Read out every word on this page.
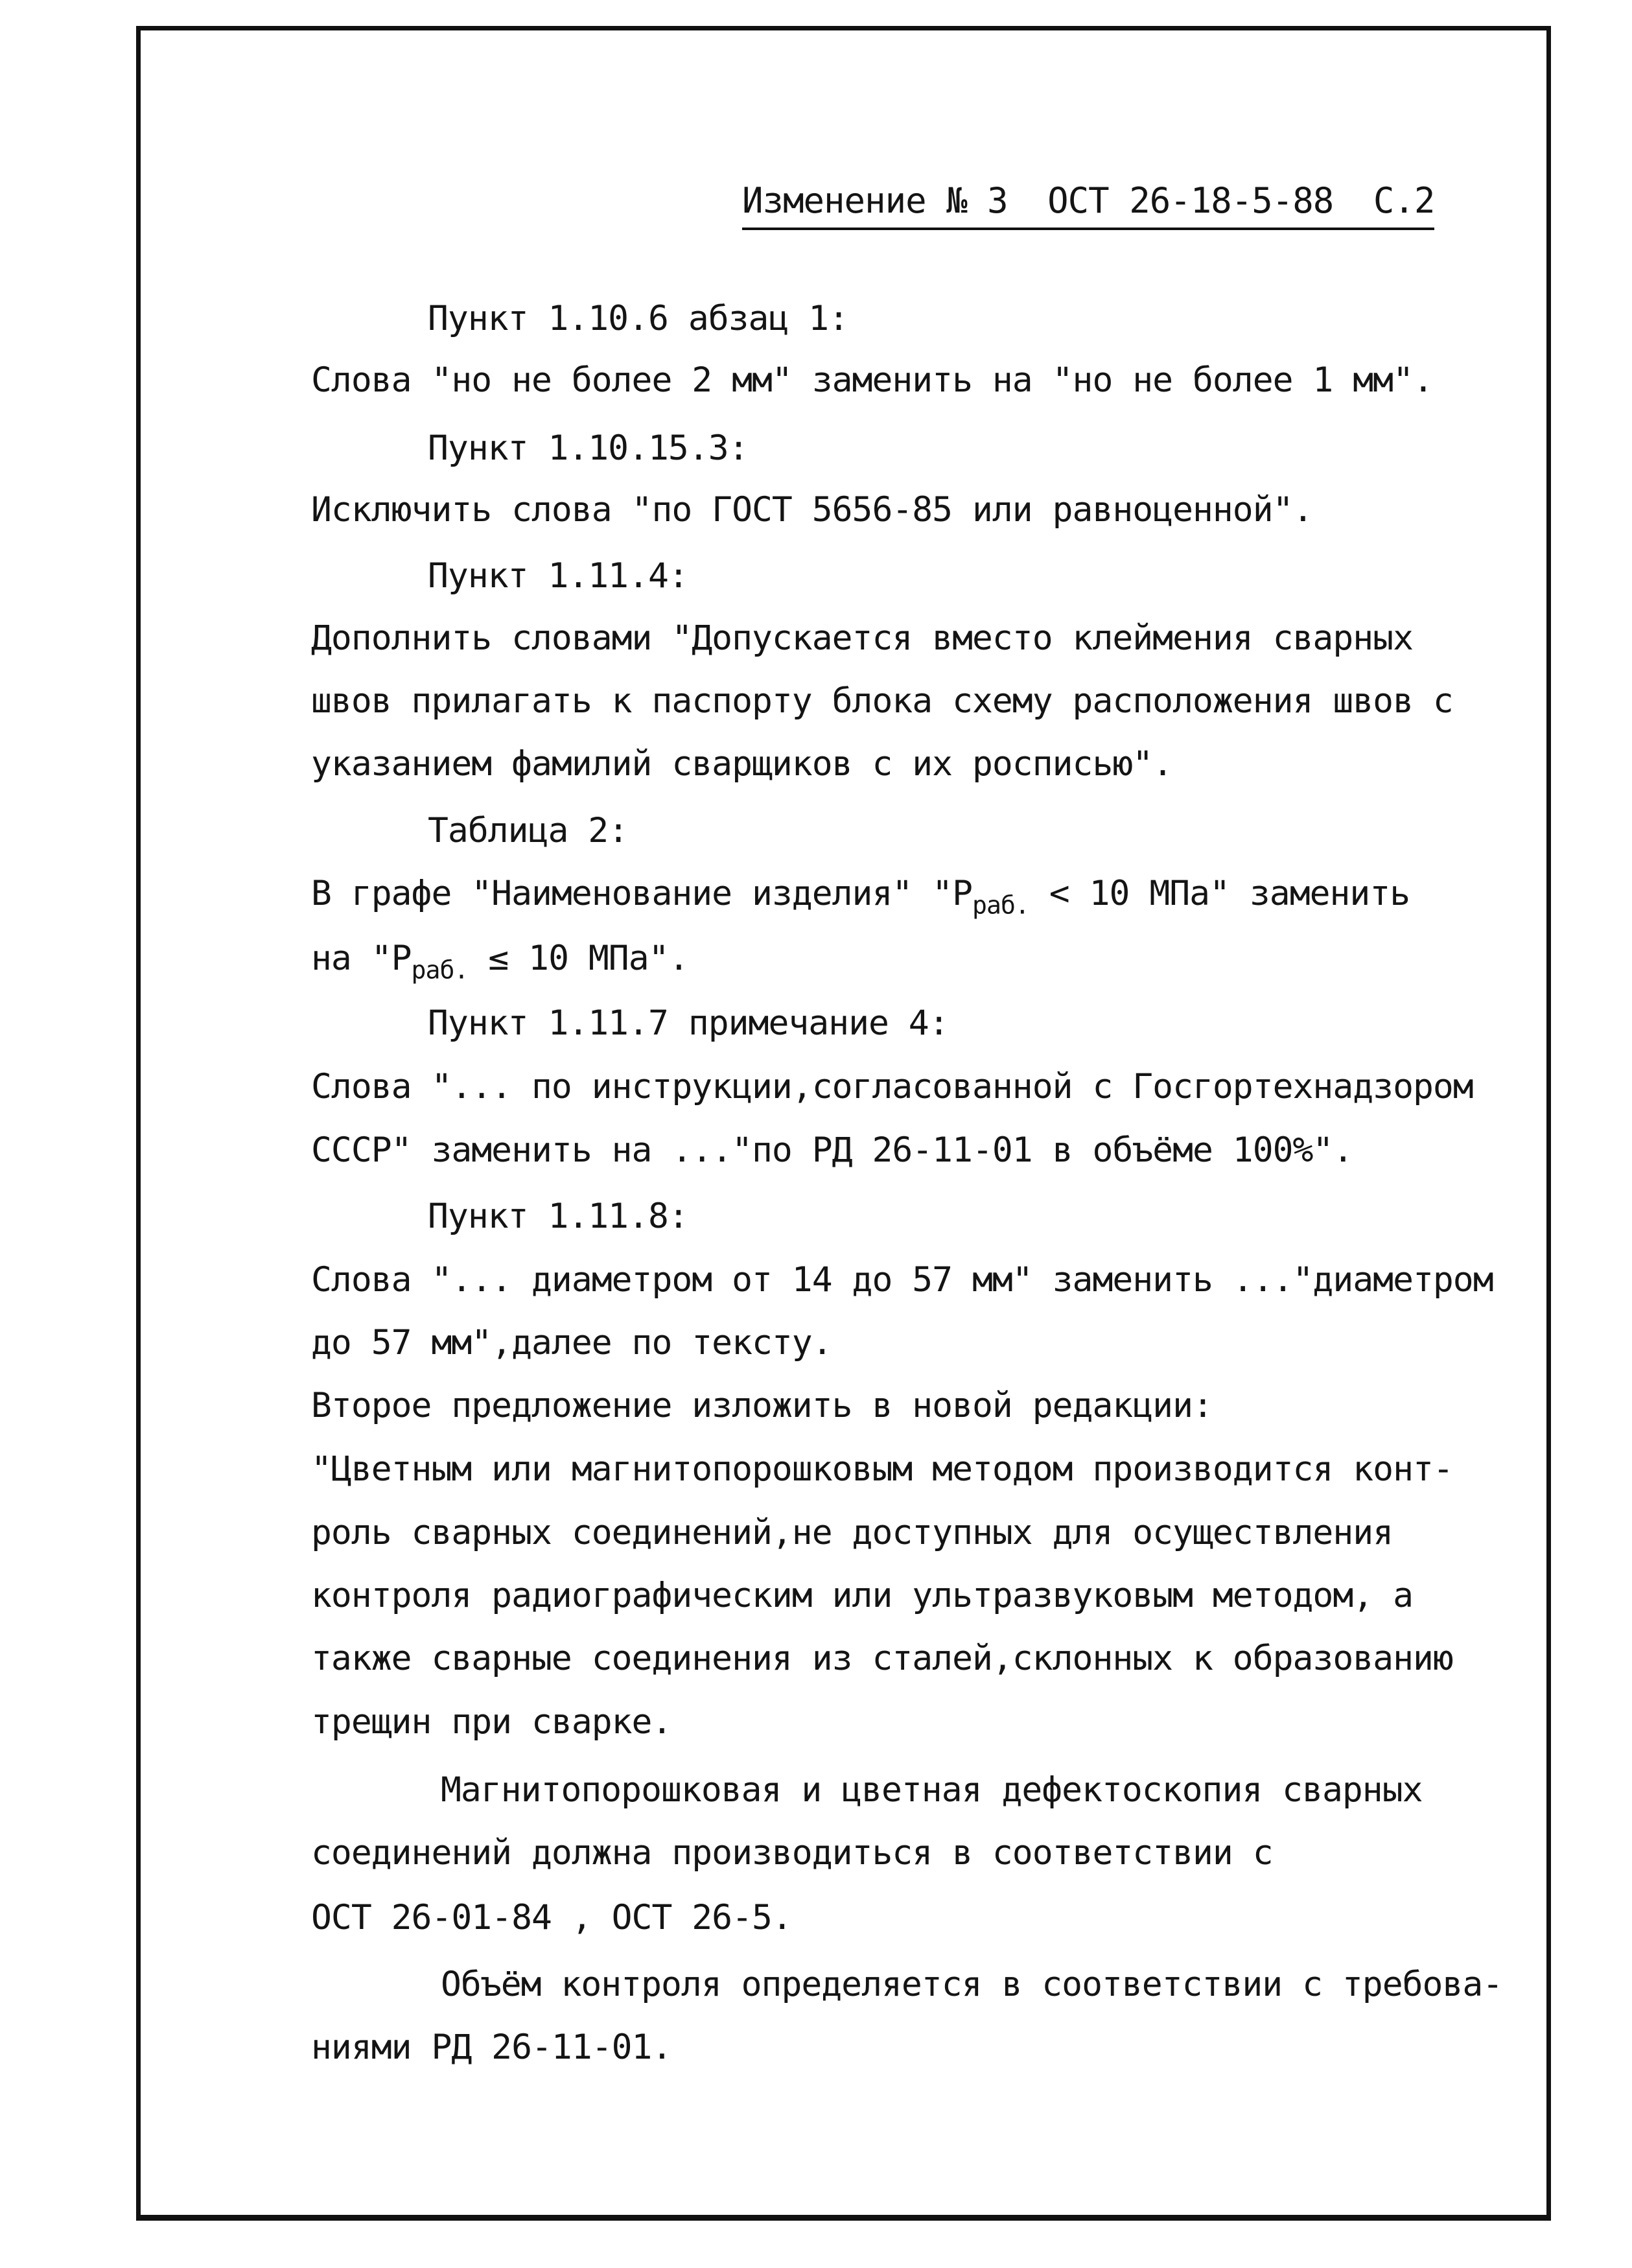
Изменение № 3 ОСТ 26-18-5-88 С.2
Пункт 1.10.6 абзац 1:
Слова "но не более 2 мм" заменить на "но не более 1 мм".
Пункт 1.10.15.3:
Исключить слова "по ГОСТ 5656-85 или равноценной".
Пункт 1.11.4:
Дополнить словами "Допускается вместо клеймения сварных
швов прилагать к паспорту блока схему расположения швов с
указанием фамилий сварщиков с их росписью".
Таблица 2:
В графе "Наименование изделия" "$P_{раб.} < 10$ МПа" заменить
на "$P_{раб.} \le 10$ МПа".
Пункт 1.11.7 примечание 4:
Слова "... по инструкции,согласованной с Госгортехнадзором
СССР" заменить на ..."по РД 26-11-01 в объёме 100%".
Пункт 1.11.8:
Слова "... диаметром от 14 до 57 мм" заменить ..."диаметром
до 57 мм",далее по тексту.
Второе предложение изложить в новой редакции:
"Цветным или магнитопорошковым методом производится конт-
роль сварных соединений,не доступных для осуществления
контроля радиографическим или ультразвуковым методом, а
также сварные соединения из сталей,склонных к образованию
трещин при сварке.
Магнитопорошковая и цветная дефектоскопия сварных
соединений должна производиться в соответствии с
ОСТ 26-01-84 , ОСТ 26-5.
Объём контроля определяется в соответствии с требова-
ниями РД 26-11-01.
